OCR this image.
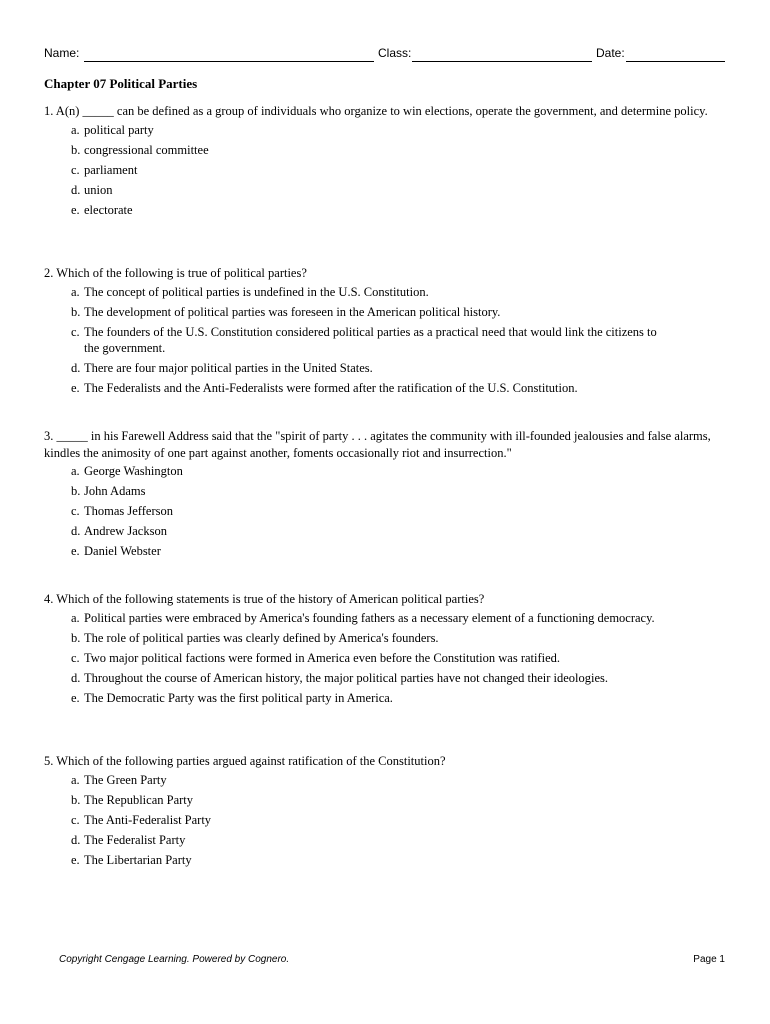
Name:	Class:	Date:
Chapter 07 Political Parties

1. A(n) _____ can be defined as a group of individuals who organize to win elections, operate the government, and determine policy.

a. political party
b. congressional committee
c. parliament
d. union
e. electorate

2. Which of the following is true of political parties?

a. The concept of political parties is undefined in the U.S. Constitution.
b. The development of political parties was foreseen in the American political history.
c. The founders of the U.S. Constitution considered political parties as a practical need that would link the citizens to the government.
d. There are four major political parties in the United States.
e. The Federalists and the Anti-Federalists were formed after the ratification of the U.S. Constitution.

3. _____ in his Farewell Address said that the "spirit of party . . . agitates the community with ill-founded jealousies and false alarms, kindles the animosity of one part against another, foments occasionally riot and insurrection."

a. George Washington
b. John Adams
c. Thomas Jefferson
d. Andrew Jackson
e. Daniel Webster

4. Which of the following statements is true of the history of American political parties?

a. Political parties were embraced by America's founding fathers as a necessary element of a functioning democracy.
b. The role of political parties was clearly defined by America's founders.
c. Two major political factions were formed in America even before the Constitution was ratified.
d. Throughout the course of American history, the major political parties have not changed their ideologies.
e. The Democratic Party was the first political party in America.

5. Which of the following parties argued against ratification of the Constitution?

a. The Green Party
b. The Republican Party
c. The Anti-Federalist Party
d. The Federalist Party
e. The Libertarian Party
Copyright Cengage Learning. Powered by Cognero.	Page 1
